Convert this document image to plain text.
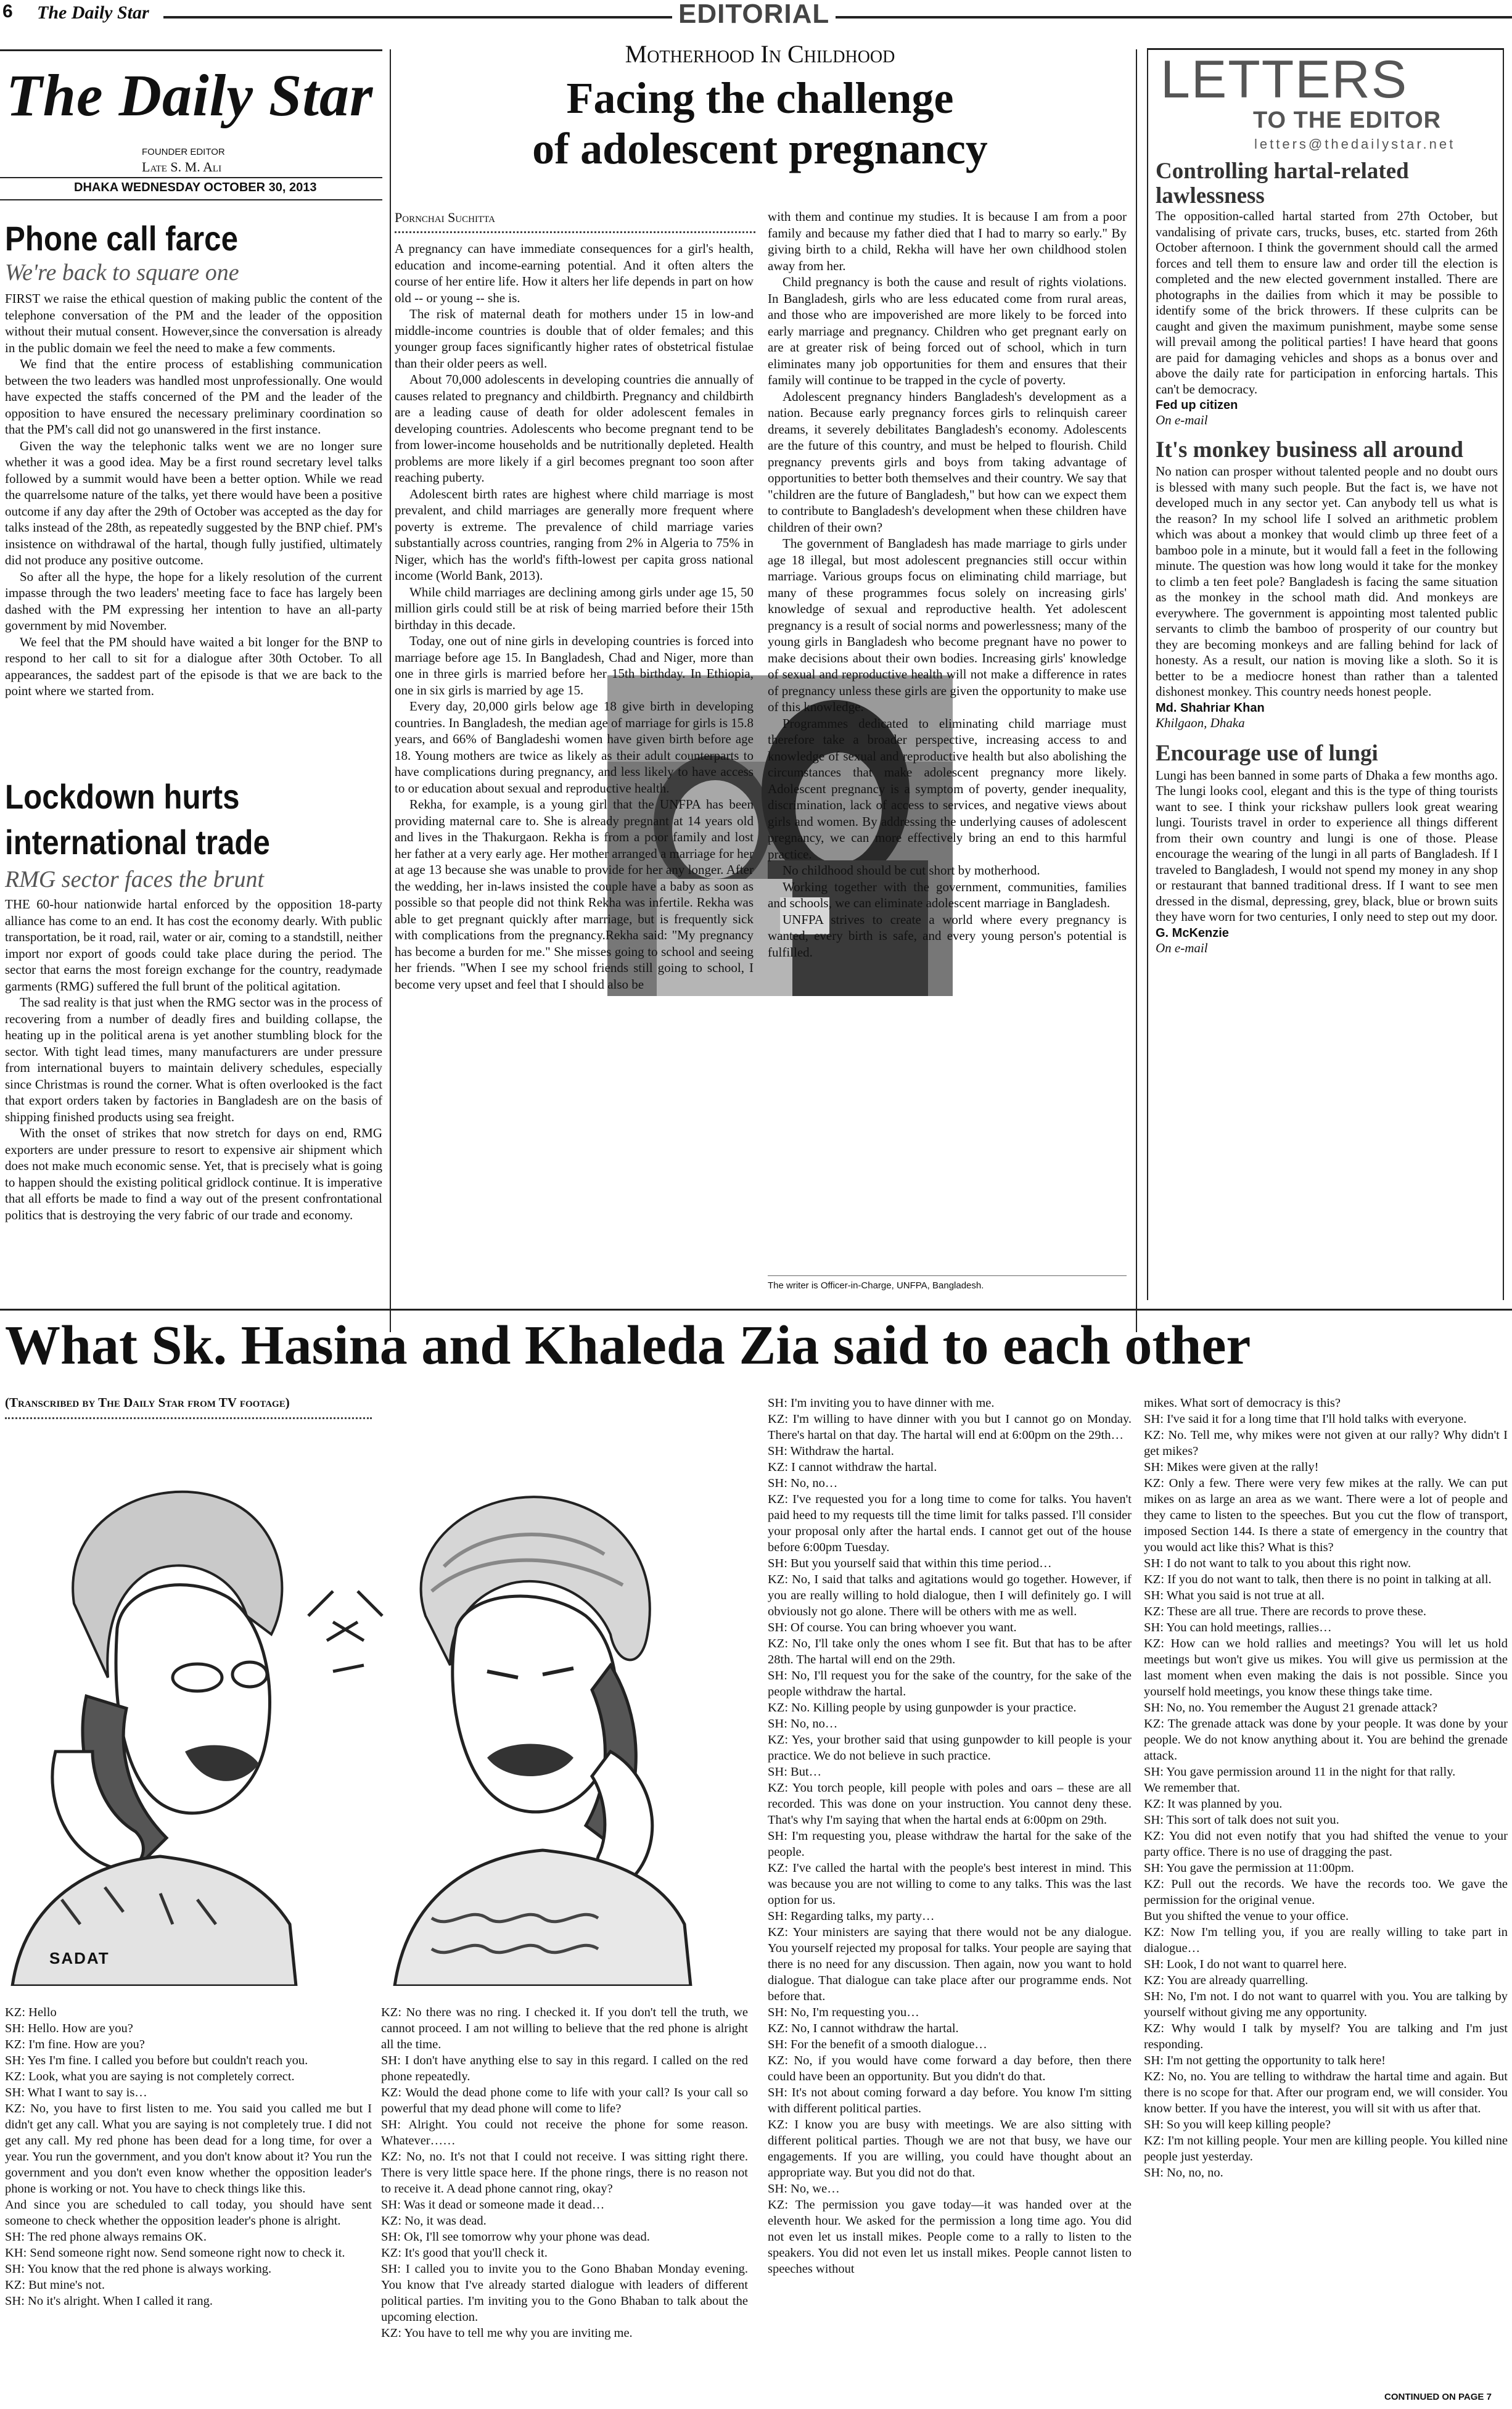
6 The Daily Star	EDITORIAL
The Daily Star
FOUNDER EDITOR
Late S. M. Ali
DHAKA WEDNESDAY OCTOBER 30, 2013
Phone call farce
We're back to square one

FIRST we raise the ethical question of making public the content of the telephone conversation of the PM and the leader of the opposition without their mutual consent. However,since the conversation is already in the public domain we feel the need to make a few comments.

We find that the entire process of establishing communication between the two leaders was handled most unprofessionally. One would have expected the staffs concerned of the PM and the leader of the opposition to have ensured the necessary preliminary coordination so that the PM's call did not go unanswered in the first instance.

Given the way the telephonic talks went we are no longer sure whether it was a good idea. May be a first round secretary level talks followed by a summit would have been a better option. While we read the quarrelsome nature of the talks, yet there would have been a positive outcome if any day after the 29th of October was accepted as the day for talks instead of the 28th, as repeatedly suggested by the BNP chief. PM's insistence on withdrawal of the hartal, though fully justified, ultimately did not produce any positive outcome.

So after all the hype, the hope for a likely resolution of the current impasse through the two leaders' meeting face to face has largely been dashed with the PM expressing her intention to have an all-party government by mid November.

We feel that the PM should have waited a bit longer for the BNP to respond to her call to sit for a dialogue after 30th October. To all appearances, the saddest part of the episode is that we are back to the point where we started from.

Lockdown hurts
international trade
RMG sector faces the brunt

THE 60-hour nationwide hartal enforced by the opposition 18-party alliance has come to an end. It has cost the economy dearly. With public transportation, be it road, rail, water or air, coming to a standstill, neither import nor export of goods could take place during the period. The sector that earns the most foreign exchange for the country, readymade garments (RMG) suffered the full brunt of the political agitation.

The sad reality is that just when the RMG sector was in the process of recovering from a number of deadly fires and building collapse, the heating up in the political arena is yet another stumbling block for the sector. With tight lead times, many manufacturers are under pressure from international buyers to maintain delivery schedules, especially since Christmas is round the corner. What is often overlooked is the fact that export orders taken by factories in Bangladesh are on the basis of shipping finished products using sea freight.

With the onset of strikes that now stretch for days on end, RMG exporters are under pressure to resort to expensive air shipment which does not make much economic sense. Yet, that is precisely what is going to happen should the existing political gridlock continue. It is imperative that all efforts be made to find a way out of the present confrontational politics that is destroying the very fabric of our trade and economy.

Motherhood In Childhood
Facing the challenge
of adolescent pregnancy
Pornchai Suchitta

A pregnancy can have immediate consequences for a girl's health, education and income-earning potential. And it often alters the course of her entire life. How it alters her life depends in part on how old -- or young -- she is.

The risk of maternal death for mothers under 15 in low-and middle-income countries is double that of older females; and this younger group faces significantly higher rates of obstetrical fistulae than their older peers as well.

About 70,000 adolescents in developing countries die annually of causes related to pregnancy and childbirth. Pregnancy and childbirth are a leading cause of death for older adolescent females in developing countries. Adolescents who become pregnant tend to be from lower-income households and be nutritionally depleted. Health problems are more likely if a girl becomes pregnant too soon after reaching puberty.

Adolescent birth rates are highest where child marriage is most prevalent, and child marriages are generally more frequent where poverty is extreme. The prevalence of child marriage varies substantially across countries, ranging from 2% in Algeria to 75% in Niger, which has the world's fifth-lowest per capita gross national income (World Bank, 2013).

While child marriages are declining among girls under age 15, 50 million girls could still be at risk of being married before their 15th birthday in this decade.

Today, one out of nine girls in developing countries is forced into marriage before age 15. In Bangladesh, Chad and Niger, more than one in three girls is married before her 15th birthday. In Ethiopia, one in six girls is married by age 15.

Every day, 20,000 girls below age 18 give birth in developing countries. In Bangladesh, the median age of marriage for girls is 15.8 years, and 66% of Bangladeshi women have given birth before age 18. Young mothers are twice as likely as their adult counterparts to have complications during pregnancy, and less likely to have access to or education about sexual and reproductive health.

Rekha, for example, is a young girl that the UNFPA has been providing maternal care to. She is already pregnant at 14 years old and lives in the Thakurgaon. Rekha is from a poor family and lost her father at a very early age. Her mother arranged a marriage for her at age 13 because she was unable to provide for her any longer. After the wedding, her in-laws insisted the couple have a baby as soon as possible so that people did not think Rekha was infertile. Rekha was able to get pregnant quickly after marriage, but is frequently sick with complications from the pregnancy.Rekha said: "My pregnancy has become a burden for me." She misses going to school and seeing her friends. "When I see my school friends still going to school, I become very upset and feel that I should also be

with them and continue my studies. It is because I am from a poor family and because my father died that I had to marry so early." By giving birth to a child, Rekha will have her own childhood stolen away from her.

Child pregnancy is both the cause and result of rights violations. In Bangladesh, girls who are less educated come from rural areas, and those who are impoverished are more likely to be forced into early marriage and pregnancy. Children who get pregnant early on are at greater risk of being forced out of school, which in turn eliminates many job opportunities for them and ensures that their family will continue to be trapped in the cycle of poverty.

Adolescent pregnancy hinders Bangladesh's development as a nation. Because early pregnancy forces girls to relinquish career dreams, it severely debilitates Bangladesh's economy. Adolescents are the future of this country, and must be helped to flourish. Child pregnancy prevents girls and boys from taking advantage of opportunities to better both themselves and their country. We say that "children are the future of Bangladesh," but how can we expect them to contribute to Bangladesh's development when these children have children of their own?

The government of Bangladesh has made marriage to girls under age 18 illegal, but most adolescent pregnancies still occur within marriage. Various groups focus on eliminating child marriage, but many of these programmes focus solely on increasing girls' knowledge of sexual and reproductive health. Yet adolescent pregnancy is a result of social norms and powerlessness; many of the young girls in Bangladesh who become pregnant have no power to make decisions about their own bodies. Increasing girls' knowledge of sexual and reproductive health will not make a difference in rates of pregnancy unless these girls are given the opportunity to make use of this knowledge.

Programmes dedicated to eliminating child marriage must therefore take a broader perspective, increasing access to and knowledge of sexual and reproductive health but also abolishing the circumstances that make adolescent pregnancy more likely. Adolescent pregnancy is a symptom of poverty, gender inequality, discrimination, lack of access to services, and negative views about girls and women. By addressing the underlying causes of adolescent pregnancy, we can more effectively bring an end to this harmful practice.

No childhood should be cut short by motherhood.

Working together with the government, communities, families and schools, we can eliminate adolescent marriage in Bangladesh.

UNFPA strives to create a world where every pregnancy is wanted, every birth is safe, and every young person's potential is fulfilled.

The writer is Officer-in-Charge, UNFPA, Bangladesh.
LETTERS
TO THE EDITOR
letters@thedailystar.net
Controlling hartal-related lawlessness
The opposition-called hartal started from 27th October, but vandalising of private cars, trucks, buses, etc. started from 26th October afternoon. I think the government should call the armed forces and tell them to ensure law and order till the election is completed and the new elected government installed. There are photographs in the dailies from which it may be possible to identify some of the brick throwers. If these culprits can be caught and given the maximum punishment, maybe some sense will prevail among the political parties! I have heard that goons are paid for damaging vehicles and shops as a bonus over and above the daily rate for participation in enforcing hartals. This can't be democracy.
Fed up citizen
On e-mail
It's monkey business all around
No nation can prosper without talented people and no doubt ours is blessed with many such people. But the fact is, we have not developed much in any sector yet. Can anybody tell us what is the reason? In my school life I solved an arithmetic problem which was about a monkey that would climb up three feet of a bamboo pole in a minute, but it would fall a feet in the following minute. The question was how long would it take for the monkey to climb a ten feet pole? Bangladesh is facing the same situation as the monkey in the school math did. And monkeys are everywhere. The government is appointing most talented public servants to climb the bamboo of prosperity of our country but they are becoming monkeys and are falling behind for lack of honesty. As a result, our nation is moving like a sloth. So it is better to be a mediocre honest than rather than a talented dishonest monkey. This country needs honest people.
Md. Shahriar Khan
Khilgaon, Dhaka
Encourage use of lungi
Lungi has been banned in some parts of Dhaka a few months ago. The lungi looks cool, elegant and this is the type of thing tourists want to see. I think your rickshaw pullers look great wearing lungi. Tourists travel in order to experience all things different from their own country and lungi is one of those. Please encourage the wearing of the lungi in all parts of Bangladesh. If I traveled to Bangladesh, I would not spend my money in any shop or restaurant that banned traditional dress. If I want to see men dressed in the dismal, depressing, grey, black, blue or brown suits they have worn for two centuries, I only need to step out my door.
G. McKenzie
On e-mail
What Sk. Hasina and Khaleda Zia said to each other
(Transcribed by The Daily Star from TV footage)
SADAT
KZ: Hello
SH: Hello. How are you?
KZ: I'm fine. How are you?
SH: Yes I'm fine. I called you before but couldn't reach you.
KZ: Look, what you are saying is not completely correct.
SH: What I want to say is…
KZ: No, you have to first listen to me. You said you called me but I didn't get any call. What you are saying is not completely true. I did not get any call. My red phone has been dead for a long time, for over a year. You run the government, and you don't know about it? You run the government and you don't even know whether the opposition leader's phone is working or not. You have to check things like this.
And since you are scheduled to call today, you should have sent someone to check whether the opposition leader's phone is alright.
SH: The red phone always remains OK.
KH: Send someone right now. Send someone right now to check it.
SH: You know that the red phone is always working.
KZ: But mine's not.
SH: No it's alright. When I called it rang.
KZ: No there was no ring. I checked it. If you don't tell the truth, we cannot proceed. I am not willing to believe that the red phone is alright all the time.
SH: I don't have anything else to say in this regard. I called on the red phone repeatedly.
KZ: Would the dead phone come to life with your call? Is your call so powerful that my dead phone will come to life?
SH: Alright. You could not receive the phone for some reason. Whatever……
KZ: No, no. It's not that I could not receive. I was sitting right there. There is very little space here. If the phone rings, there is no reason not to receive it. A dead phone cannot ring, okay?
SH: Was it dead or someone made it dead…
KZ: No, it was dead.
SH: Ok, I'll see tomorrow why your phone was dead.
KZ: It's good that you'll check it.
SH: I called you to invite you to the Gono Bhaban Monday evening. You know that I've already started dialogue with leaders of different political parties. I'm inviting you to the Gono Bhaban to talk about the upcoming election.
KZ: You have to tell me why you are inviting me.
SH: I'm inviting you to have dinner with me.
KZ: I'm willing to have dinner with you but I cannot go on Monday. There's hartal on that day. The hartal will end at 6:00pm on the 29th…
SH: Withdraw the hartal.
KZ: I cannot withdraw the hartal.
SH: No, no…
KZ: I've requested you for a long time to come for talks. You haven't paid heed to my requests till the time limit for talks passed. I'll consider your proposal only after the hartal ends. I cannot get out of the house before 6:00pm Tuesday.
SH: But you yourself said that within this time period…
KZ: No, I said that talks and agitations would go together. However, if you are really willing to hold dialogue, then I will definitely go. I will obviously not go alone. There will be others with me as well.
SH: Of course. You can bring whoever you want.
KZ: No, I'll take only the ones whom I see fit. But that has to be after 28th. The hartal will end on the 29th.
SH: No, I'll request you for the sake of the country, for the sake of the people withdraw the hartal.
KZ: No. Killing people by using gunpowder is your practice.
SH: No, no…
KZ: Yes, your brother said that using gunpowder to kill people is your practice. We do not believe in such practice.
SH: But…
KZ: You torch people, kill people with poles and oars – these are all recorded. This was done on your instruction. You cannot deny these. That's why I'm saying that when the hartal ends at 6:00pm on 29th.
SH: I'm requesting you, please withdraw the hartal for the sake of the people.
KZ: I've called the hartal with the people's best interest in mind. This was because you are not willing to come to any talks. This was the last option for us.
SH: Regarding talks, my party…
KZ: Your ministers are saying that there would not be any dialogue. You yourself rejected my proposal for talks. Your people are saying that there is no need for any discussion. Then again, now you want to hold dialogue. That dialogue can take place after our programme ends. Not before that.
SH: No, I'm requesting you…
KZ: No, I cannot withdraw the hartal.
SH: For the benefit of a smooth dialogue…
KZ: No, if you would have come forward a day before, then there could have been an opportunity. But you didn't do that.
SH: It's not about coming forward a day before. You know I'm sitting with different political parties.
KZ: I know you are busy with meetings. We are also sitting with different political parties. Though we are not that busy, we have our engagements. If you are willing, you could have thought about an appropriate way. But you did not do that.
SH: No, we…
KZ: The permission you gave today—it was handed over at the eleventh hour. We asked for the permission a long time ago. You did not even let us install mikes. People come to a rally to listen to the speakers. You did not even let us install mikes. People cannot listen to speeches without
mikes. What sort of democracy is this?
SH: I've said it for a long time that I'll hold talks with everyone.
KZ: No. Tell me, why mikes were not given at our rally? Why didn't I get mikes?
SH: Mikes were given at the rally!
KZ: Only a few. There were very few mikes at the rally. We can put mikes on as large an area as we want. There were a lot of people and they came to listen to the speeches. But you cut the flow of transport, imposed Section 144. Is there a state of emergency in the country that you would act like this? What is this?
SH: I do not want to talk to you about this right now.
KZ: If you do not want to talk, then there is no point in talking at all.
SH: What you said is not true at all.
KZ: These are all true. There are records to prove these.
SH: You can hold meetings, rallies…
KZ: How can we hold rallies and meetings? You will let us hold meetings but won't give us mikes. You will give us permission at the last moment when even making the dais is not possible. Since you yourself hold meetings, you know these things take time.
SH: No, no. You remember the August 21 grenade attack?
KZ: The grenade attack was done by your people. It was done by your people. We do not know anything about it. You are behind the grenade attack.
SH: You gave permission around 11 in the night for that rally.
We remember that.
KZ: It was planned by you.
SH: This sort of talk does not suit you.
KZ: You did not even notify that you had shifted the venue to your party office. There is no use of dragging the past.
SH: You gave the permission at 11:00pm.
KZ: Pull out the records. We have the records too. We gave the permission for the original venue.
But you shifted the venue to your office.
KZ: Now I'm telling you, if you are really willing to take part in dialogue…
SH: Look, I do not want to quarrel here.
KZ: You are already quarrelling.
SH: No, I'm not. I do not want to quarrel with you. You are talking by yourself without giving me any opportunity.
KZ: Why would I talk by myself? You are talking and I'm just responding.
SH: I'm not getting the opportunity to talk here!
KZ: No, no. You are telling to withdraw the hartal time and again. But there is no scope for that. After our program end, we will consider. You know better. If you have the interest, you will sit with us after that.
SH: So you will keep killing people?
KZ: I'm not killing people. Your men are killing people. You killed nine people just yesterday.
SH: No, no, no.
CONTINUED ON PAGE 7
